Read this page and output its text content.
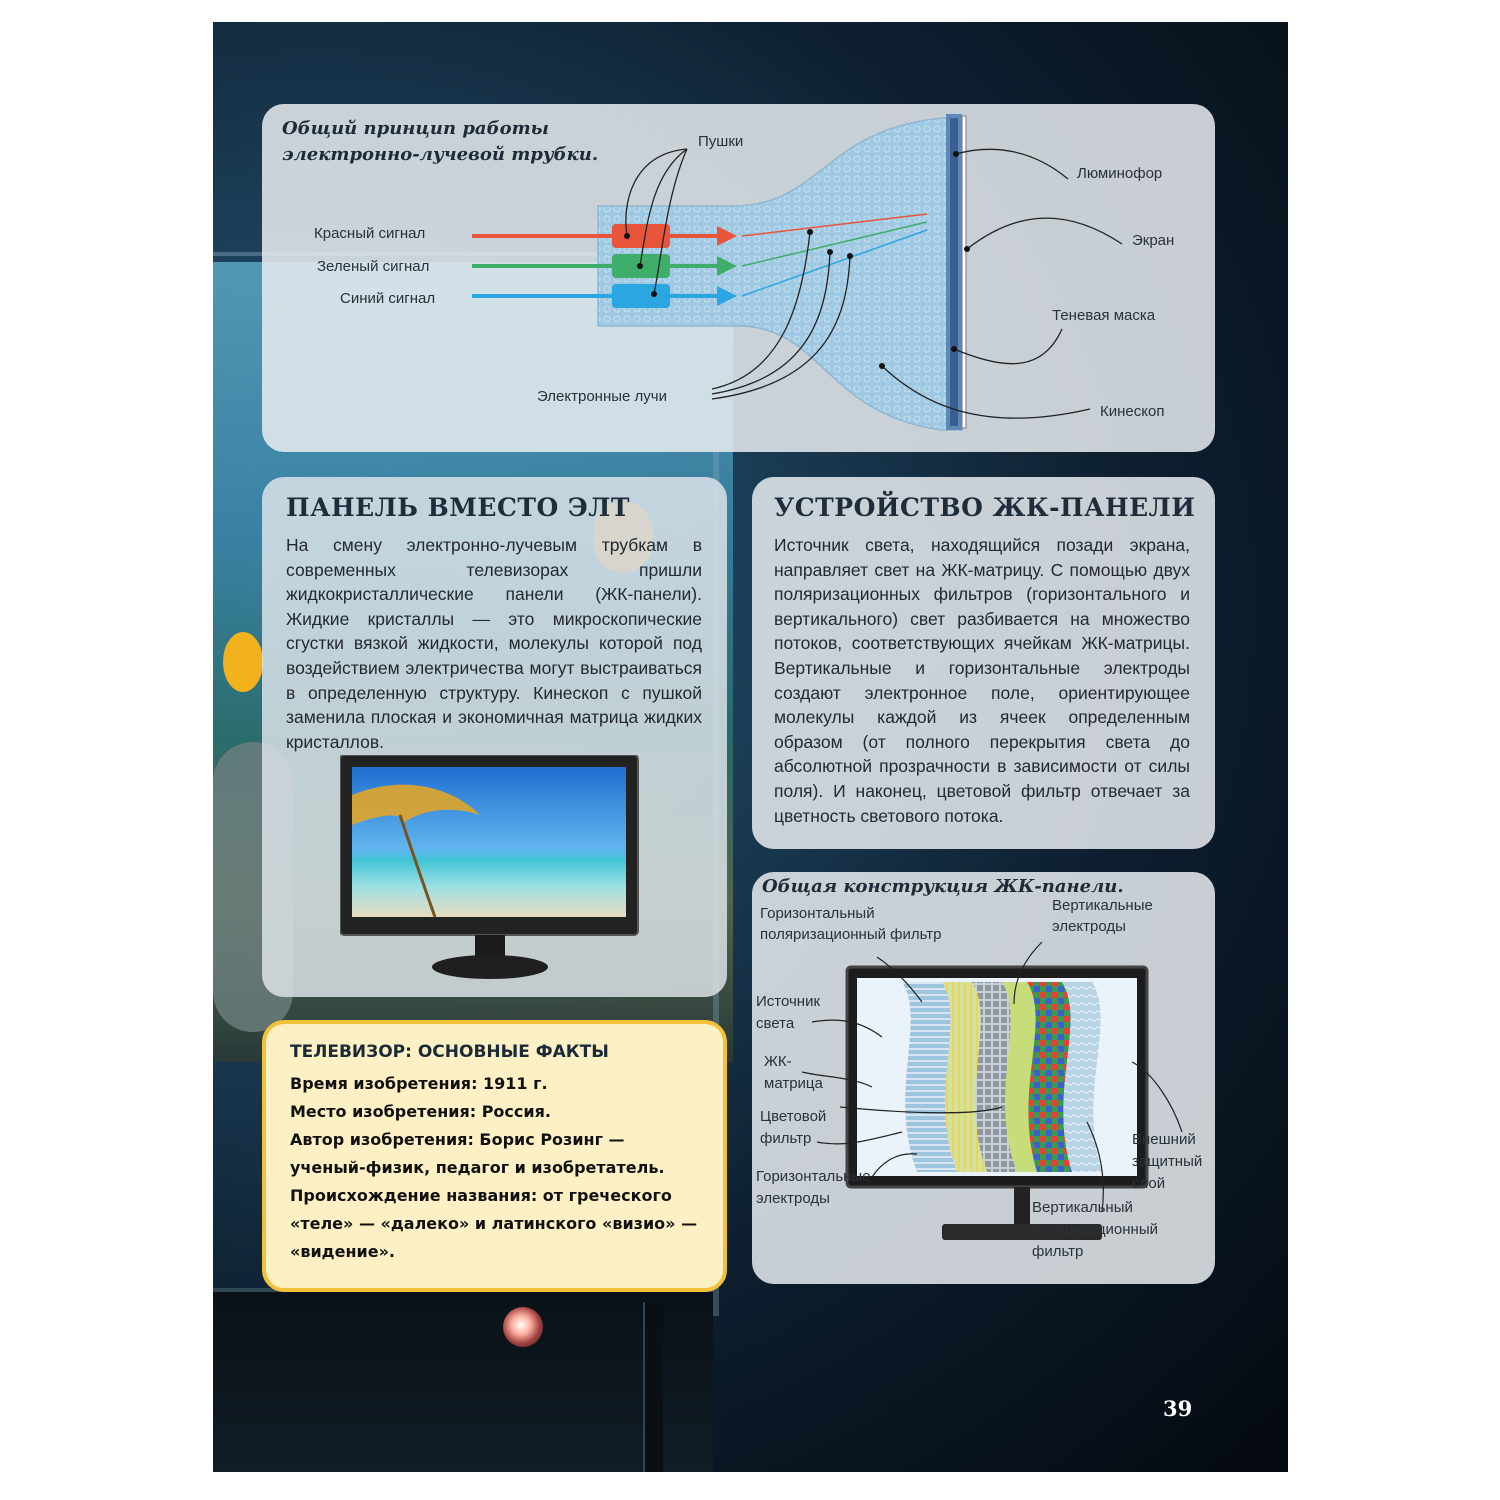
Общий принцип работы
электронно-лучевой трубки.
Пушки
Красный сигнал
Зеленый сигнал
Синий сигнал
Электронные лучи
Люминофор
Экран
Теневая маска
Кинескоп
ПАНЕЛЬ ВМЕСТО ЭЛТ
На смену электронно-лучевым трубкам в современных телевизорах пришли жидкокристаллические панели (ЖК-панели). Жидкие кристаллы — это микроскопические сгустки вязкой жидкости, молекулы которой под воздействием электричества могут выстраиваться в определенную структуру. Кинескоп с пушкой заменила плоская и экономичная матрица жидких кристаллов.
УСТРОЙСТВО ЖК-ПАНЕЛИ
Источник света, находящийся позади экрана, направляет свет на ЖК-матрицу. С помощью двух поляризационных фильтров (горизонтального и вертикального) свет разбивается на множество потоков, соответствующих ячейкам ЖК-матрицы. Вертикальные и горизонтальные электроды создают электронное поле, ориентирующее молекулы каждой из ячеек определенным образом (от полного перекрытия света до абсолютной прозрачности в зависимости от силы поля). И наконец, цветовой фильтр отвечает за цветность светового потока.
Общая конструкция ЖК-панели.
Горизонтальный
поляризационный фильтр
Вертикальные
электроды
Источник
света
ЖК-
матрица
Цветовой
фильтр
Горизонтальные
электроды
Внешний
защитный
слой
Вертикальный
поляризационный
фильтр
ТЕЛЕВИЗОР: ОСНОВНЫЕ ФАКТЫ
Время изобретения: 1911 г.
Место изобретения: Россия.
Автор изобретения: Борис Розинг —
ученый-физик, педагог и изобретатель.
Происхождение названия: от греческого
«теле» — «далеко» и латинского «визио» —
«видение».
39
